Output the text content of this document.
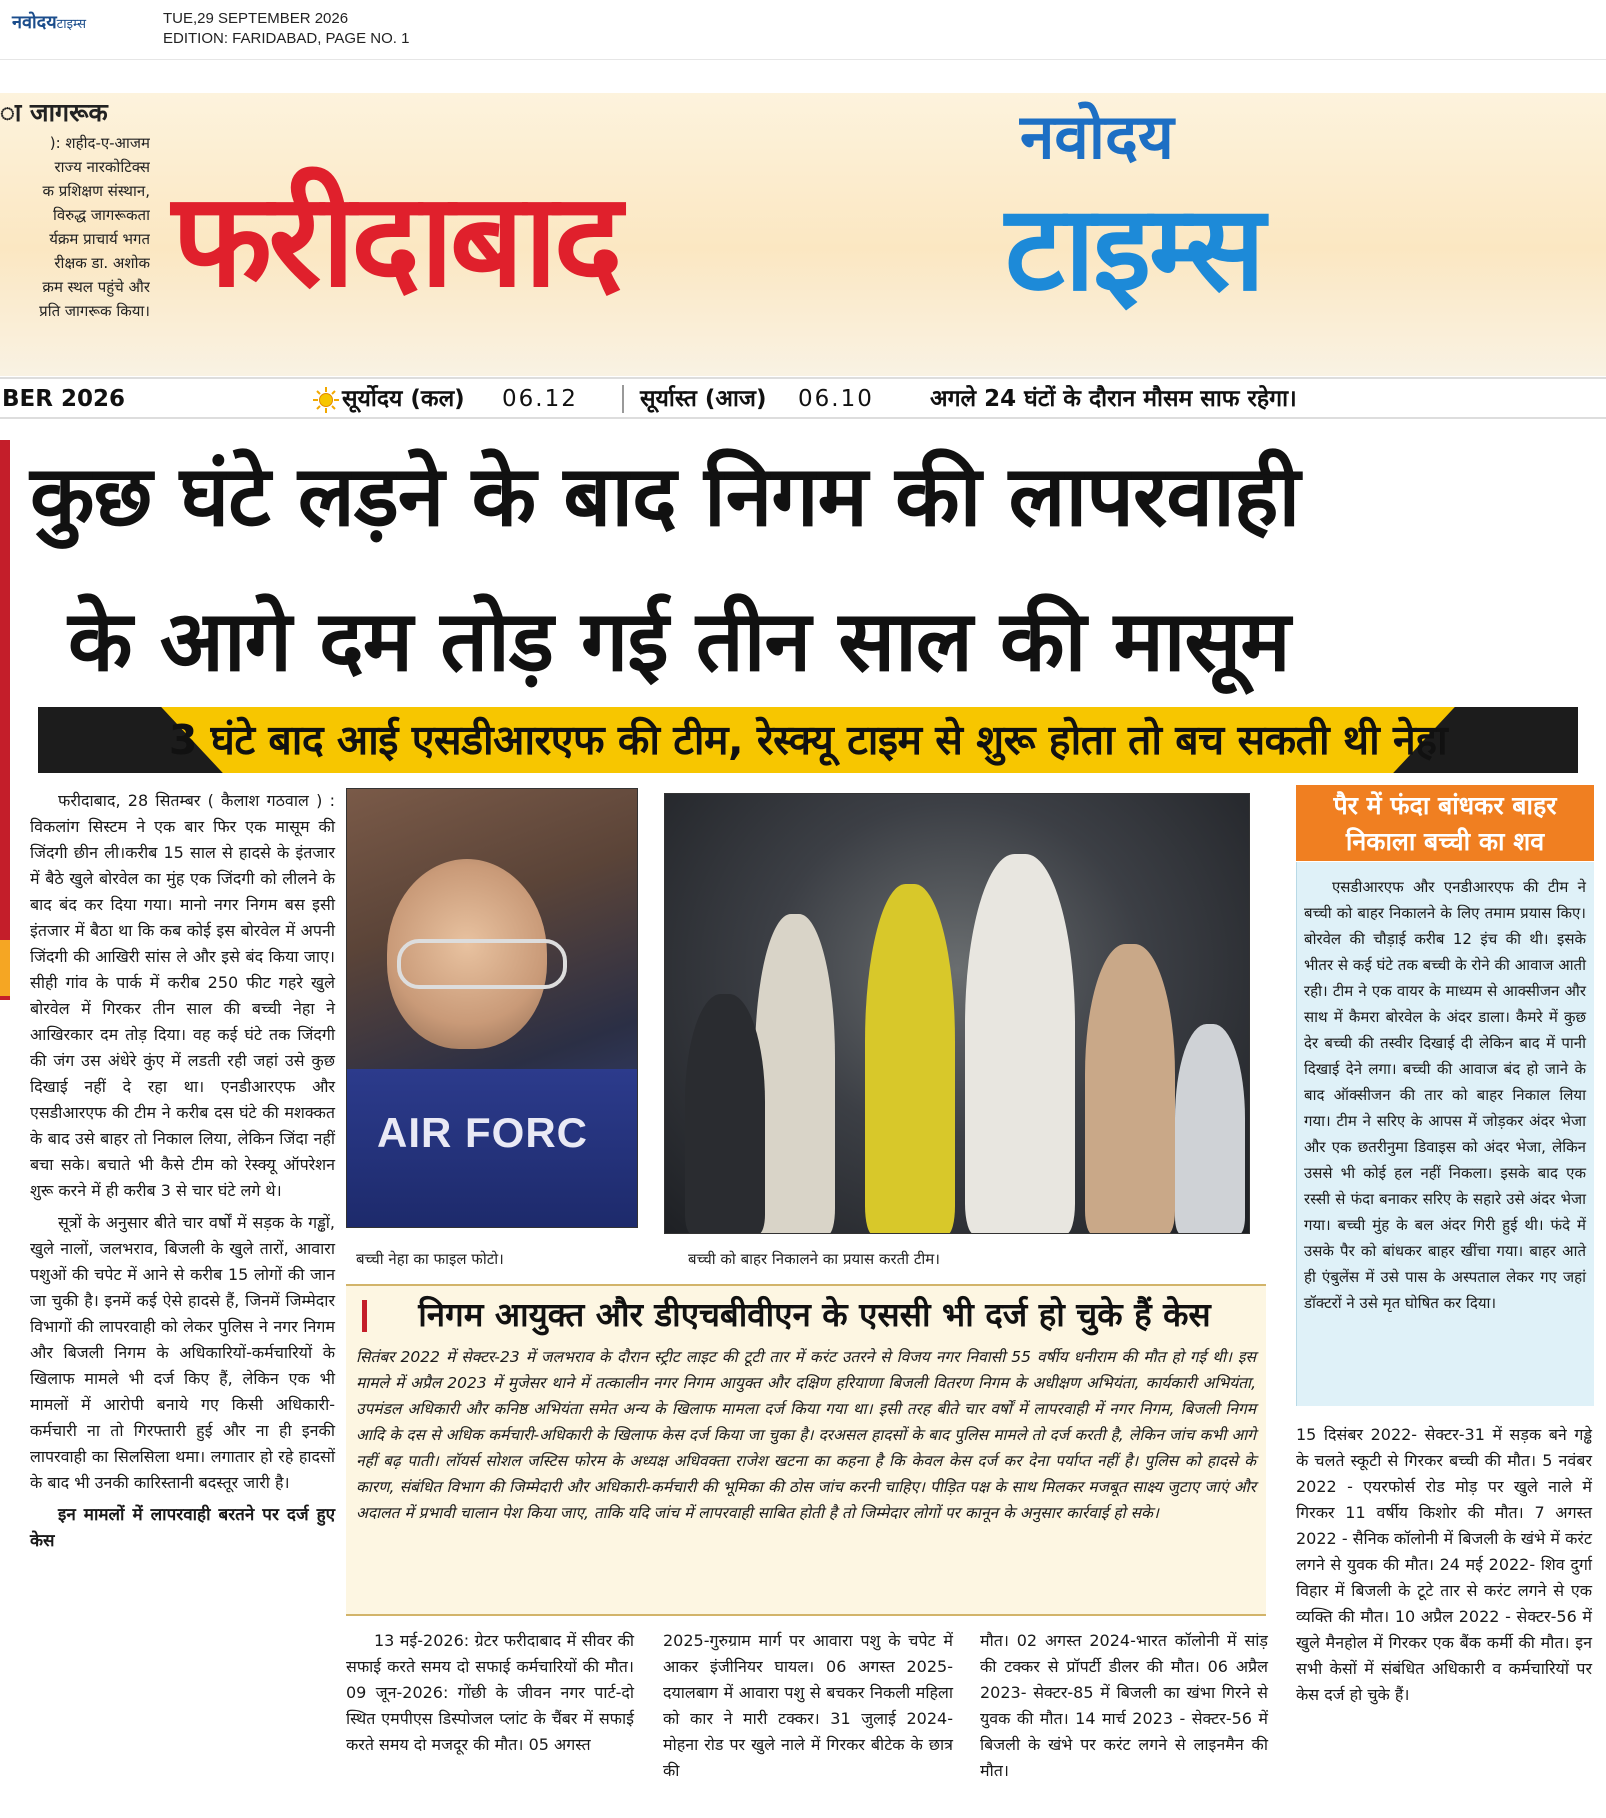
नवोदयटाइम्स	TUE,29 SEPTEMBER 2026
EDITION: FARIDABAD, PAGE NO. 1
ा जागरूक
): शहीद-ए-आजम
राज्य नारकोटिक्स
क प्रशिक्षण संस्थान,
विरुद्ध जागरूकता
र्यक्रम प्राचार्य भगत
रीक्षक डा. अशोक
क्रम स्थल पहुंचे और
प्रति जागरूक किया। फरीदाबाद
नवोदय
टाइम्स
BER 2026	सूर्योदय (कल) 06.12	सूर्यास्त (आज) 06.10 अगले 24 घंटों के दौरान मौसम साफ रहेगा।
कुछ घंटे लड़ने के बाद निगम की लापरवाही
के आगे दम तोड़ गई तीन साल की मासूम
3 घंटे बाद आई एसडीआरएफ की टीम, रेस्क्यू टाइम से शुरू होता तो बच सकती थी नेहा

फरीदाबाद, 28 सितम्बर ( कैलाश गठवाल ) : विकलांग सिस्टम ने एक बार फिर एक मासूम की जिंदगी छीन ली।करीब 15 साल से हादसे के इंतजार में बैठे खुले बोरवेल का मुंह एक जिंदगी को लीलने के बाद बंद कर दिया गया। मानो नगर निगम बस इसी इंतजार में बैठा था कि कब कोई इस बोरवेल में अपनी जिंदगी की आखिरी सांस ले और इसे बंद किया जाए। सीही गांव के पार्क में करीब 250 फीट गहरे खुले बोरवेल में गिरकर तीन साल की बच्ची नेहा ने आखिरकार दम तोड़ दिया। वह कई घंटे तक जिंदगी की जंग उस अंधेरे कुंए में लडती रही जहां उसे कुछ दिखाई नहीं दे रहा था। एनडीआरएफ और एसडीआरएफ की टीम ने करीब दस घंटे की मशक्कत के बाद उसे बाहर तो निकाल लिया, लेकिन जिंदा नहीं बचा सके। बचाते भी कैसे टीम को रेस्क्यू ऑपरेशन शुरू करने में ही करीब 3 से चार घंटे लगे थे।

सूत्रों के अनुसार बीते चार वर्षों में सड़क के गड्ढों, खुले नालों, जलभराव, बिजली के खुले तारों, आवारा पशुओं की चपेट में आने से करीब 15 लोगों की जान जा चुकी है। इनमें कई ऐसे हादसे हैं, जिनमें जिम्मेदार विभागों की लापरवाही को लेकर पुलिस ने नगर निगम और बिजली निगम के अधिकारियों-कर्मचारियों के खिलाफ मामले भी दर्ज किए हैं, लेकिन एक भी मामलों में आरोपी बनाये गए किसी अधिकारी-कर्मचारी ना तो गिरफ्तारी हुई और ना ही इनकी लापरवाही का सिलसिला थमा। लगातार हो रहे हादसों के बाद भी उनकी कारिस्तानी बदस्तूर जारी है।

इन मामलों में लापरवाही बरतने पर दर्ज हुए केस
AIR FORC
बच्ची नेहा का फाइल फोटो।	बच्ची को बाहर निकालने का प्रयास करती टीम।
निगम आयुक्त और डीएचबीवीएन के एससी भी दर्ज हो चुके हैं केस
सितंबर 2022 में सेक्टर-23 में जलभराव के दौरान स्ट्रीट लाइट की टूटी तार में करंट उतरने से विजय नगर निवासी 55 वर्षीय धनीराम की मौत हो गई थी। इस मामले में अप्रैल 2023 में मुजेसर थाने में तत्कालीन नगर निगम आयुक्त और दक्षिण हरियाणा बिजली वितरण निगम के अधीक्षण अभियंता, कार्यकारी अभियंता, उपमंडल अधिकारी और कनिष्ठ अभियंता समेत अन्य के खिलाफ मामला दर्ज किया गया था। इसी तरह बीते चार वर्षों में लापरवाही में नगर निगम, बिजली निगम आदि के दस से अधिक कर्मचारी-अधिकारी के खिलाफ केस दर्ज किया जा चुका है। दरअसल हादसों के बाद पुलिस मामले तो दर्ज करती है, लेकिन जांच कभी आगे नहीं बढ़ पाती। लॉयर्स सोशल जस्टिस फोरम के अध्यक्ष अधिवक्ता राजेश खटना का कहना है कि केवल केस दर्ज कर देना पर्याप्त नहीं है। पुलिस को हादसे के कारण, संबंधित विभाग की जिम्मेदारी और अधिकारी-कर्मचारी की भूमिका की ठोस जांच करनी चाहिए। पीड़ित पक्ष के साथ मिलकर मजबूत साक्ष्य जुटाए जाएं और अदालत में प्रभावी चालान पेश किया जाए, ताकि यदि जांच में लापरवाही साबित होती है तो जिम्मेदार लोगों पर कानून के अनुसार कार्रवाई हो सके।

13 मई-2026: ग्रेटर फरीदाबाद में सीवर की सफाई करते समय दो सफाई कर्मचारियों की मौत। 09 जून-2026: गोंछी के जीवन नगर पार्ट-दो स्थित एमपीएस डिस्पोजल प्लांट के चैंबर में सफाई करते समय दो मजदूर की मौत। 05 अगस्त

2025-गुरुग्राम मार्ग पर आवारा पशु के चपेट में आकर इंजीनियर घायल। 06 अगस्त 2025-दयालबाग में आवारा पशु से बचकर निकली महिला को कार ने मारी टक्कर। 31 जुलाई 2024- मोहना रोड पर खुले नाले में गिरकर बीटेक के छात्र की

मौत। 02 अगस्त 2024-भारत कॉलोनी में सांड़ की टक्कर से प्रॉपर्टी डीलर की मौत। 06 अप्रैल 2023- सेक्टर-85 में बिजली का खंभा गिरने से युवक की मौत। 14 मार्च 2023 - सेक्टर-56 में बिजली के खंभे पर करंट लगने से लाइनमैन की मौत।

पैर में फंदा बांधकर बाहर निकाला बच्ची का शव

एसडीआरएफ और एनडीआरएफ की टीम ने बच्ची को बाहर निकालने के लिए तमाम प्रयास किए। बोरवेल की चौड़ाई करीब 12 इंच की थी। इसके भीतर से कई घंटे तक बच्ची के रोने की आवाज आती रही। टीम ने एक वायर के माध्यम से आक्सीजन और साथ में कैमरा बोरवेल के अंदर डाला। कैमरे में कुछ देर बच्ची की तस्वीर दिखाई दी लेकिन बाद में पानी दिखाई देने लगा। बच्ची की आवाज बंद हो जाने के बाद ऑक्सीजन की तार को बाहर निकाल लिया गया। टीम ने सरिए के आपस में जोड़कर अंदर भेजा और एक छतरीनुमा डिवाइस को अंदर भेजा, लेकिन उससे भी कोई हल नहीं निकला। इसके बाद एक रस्सी से फंदा बनाकर सरिए के सहारे उसे अंदर भेजा गया। बच्ची मुंह के बल अंदर गिरी हुई थी। फंदे में उसके पैर को बांधकर बाहर खींचा गया। बाहर आते ही एंबुलेंस में उसे पास के अस्पताल लेकर गए जहां डॉक्टरों ने उसे मृत घोषित कर दिया।

15 दिसंबर 2022- सेक्टर-31 में सड़क बने गड्ढे के चलते स्कूटी से गिरकर बच्ची की मौत। 5 नवंबर 2022 - एयरफोर्स रोड मोड़ पर खुले नाले में गिरकर 11 वर्षीय किशोर की मौत। 7 अगस्त 2022 - सैनिक कॉलोनी में बिजली के खंभे में करंट लगने से युवक की मौत। 24 मई 2022- शिव दुर्गा विहार में बिजली के टूटे तार से करंट लगने से एक व्यक्ति की मौत। 10 अप्रैल 2022 - सेक्टर-56 में खुले मैनहोल में गिरकर एक बैंक कर्मी की मौत। इन सभी केसों में संबंधित अधिकारी व कर्मचारियों पर केस दर्ज हो चुके हैं।
